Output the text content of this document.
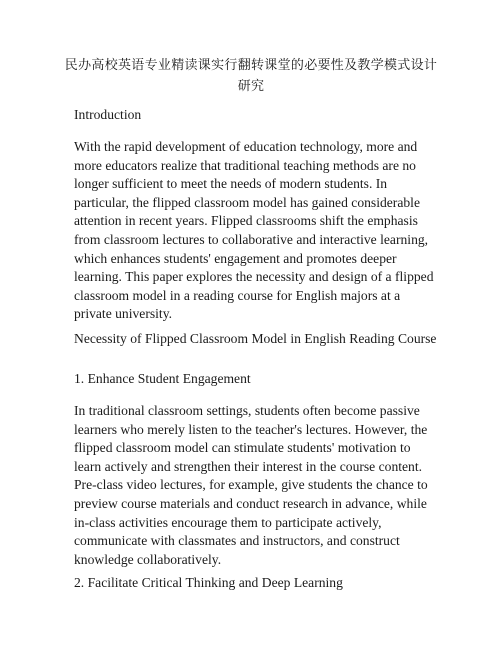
民办高校英语专业精读课实行翻转课堂的必要性及教学模式设计研究

Introduction

With the rapid development of education technology, more and more educators realize that traditional teaching methods are no longer sufficient to meet the needs of modern students. In particular, the flipped classroom model has gained considerable attention in recent years. Flipped classrooms shift the emphasis from classroom lectures to collaborative and interactive learning, which enhances students' engagement and promotes deeper learning. This paper explores the necessity and design of a flipped classroom model in a reading course for English majors at a private university.

Necessity of Flipped Classroom Model in English Reading Course

1. Enhance Student Engagement

In traditional classroom settings, students often become passive learners who merely listen to the teacher's lectures. However, the flipped classroom model can stimulate students' motivation to learn actively and strengthen their interest in the course content. Pre-class video lectures, for example, give students the chance to preview course materials and conduct research in advance, while in-class activities encourage them to participate actively, communicate with classmates and instructors, and construct knowledge collaboratively.

2. Facilitate Critical Thinking and Deep Learning
